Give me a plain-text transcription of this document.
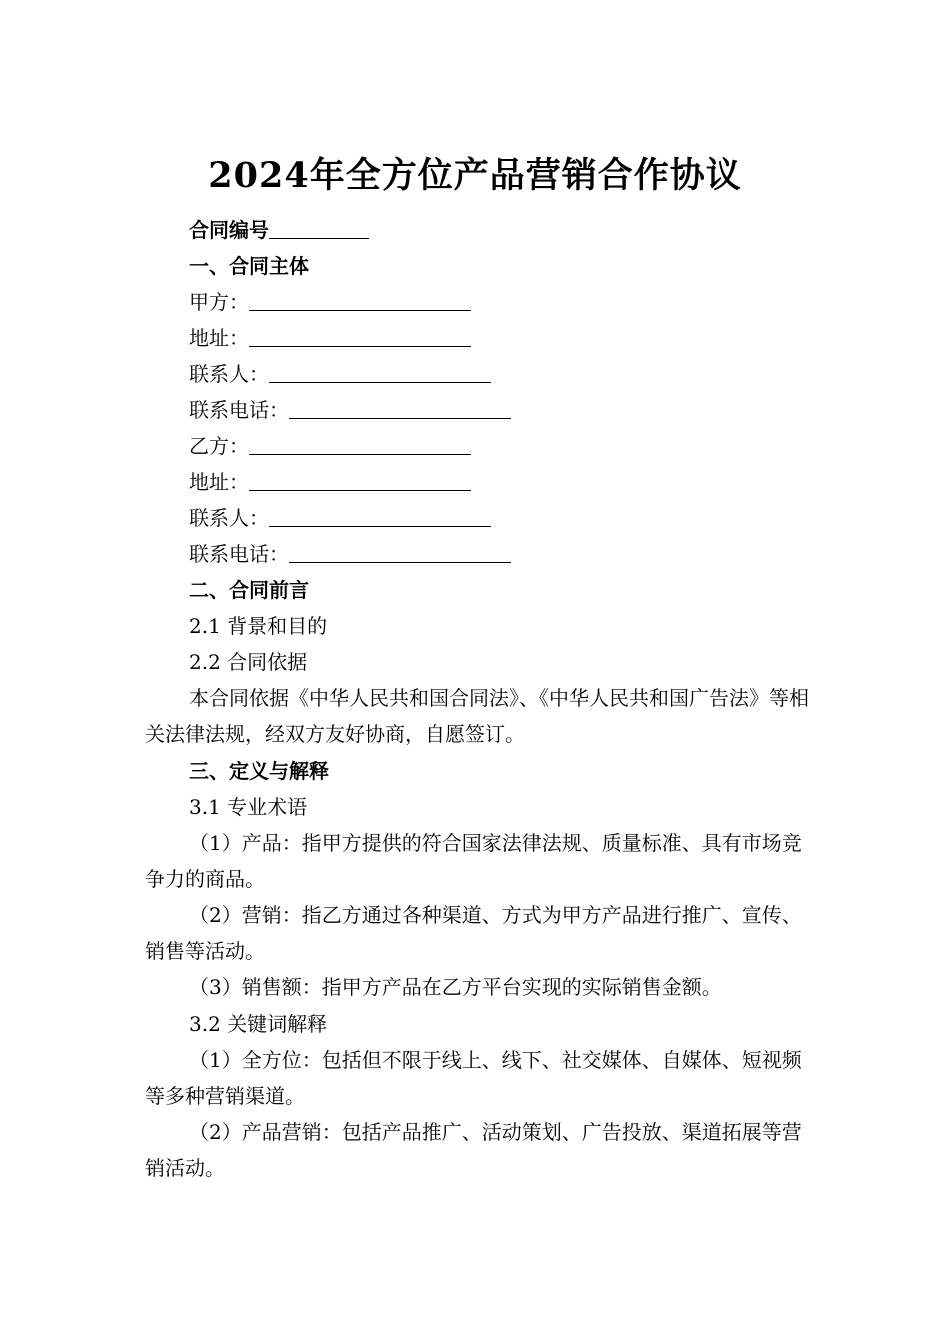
2024年全方位产品营销合作协议
合同编号
一、合同主体
甲方：
地址：
联系人：
联系电话：
乙方：
地址：
联系人：
联系电话：
二、合同前言
2.1 背景和目的
2.2 合同依据
本合同依据《中华人民共和国合同法》、《中华人民共和国广告法》等相关法律法规，经双方友好协商，自愿签订。
三、定义与解释
3.1 专业术语
（1）产品：指甲方提供的符合国家法律法规、质量标准、具有市场竞争力的商品。
（2）营销：指乙方通过各种渠道、方式为甲方产品进行推广、宣传、销售等活动。
（3）销售额：指甲方产品在乙方平台实现的实际销售金额。
3.2 关键词解释
（1）全方位：包括但不限于线上、线下、社交媒体、自媒体、短视频等多种营销渠道。
（2）产品营销：包括产品推广、活动策划、广告投放、渠道拓展等营销活动。
